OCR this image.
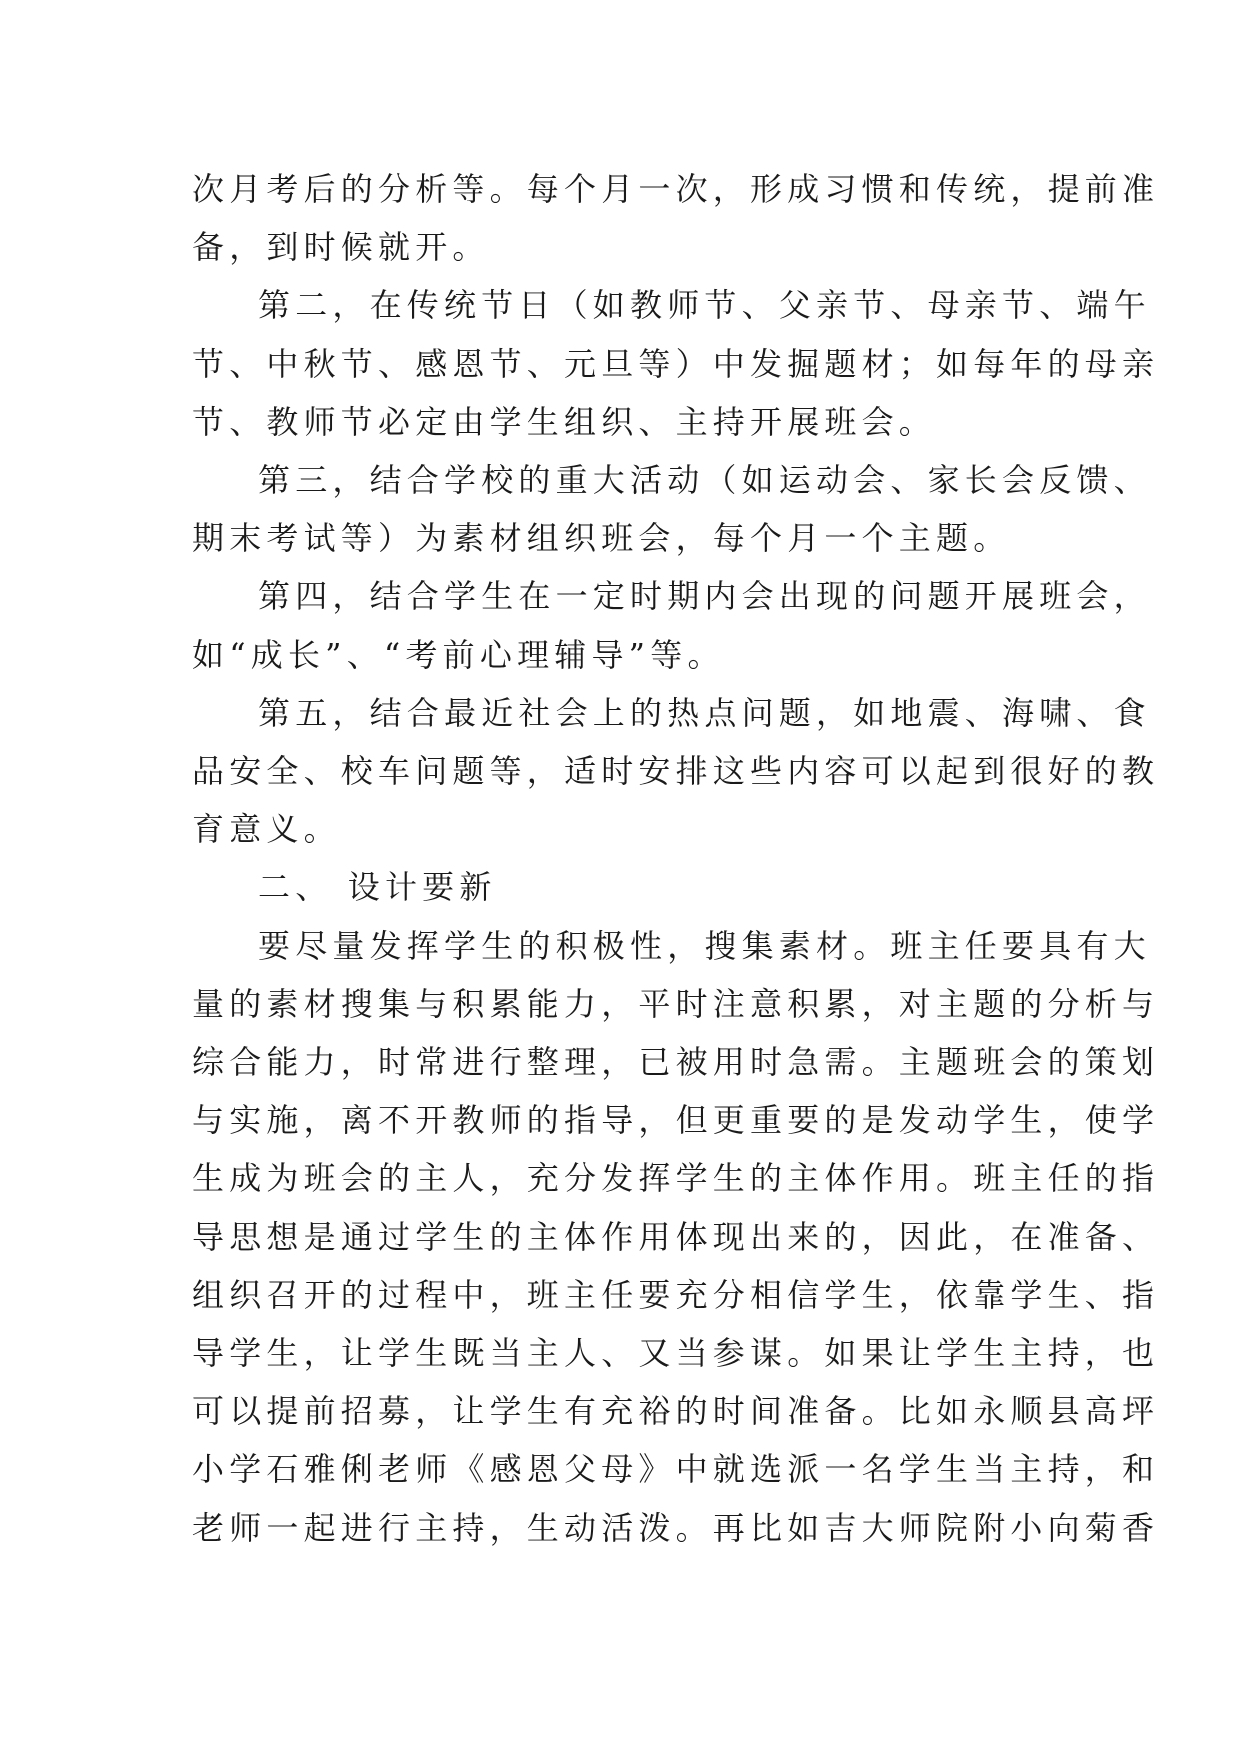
次月考后的分析等。每个月一次，形成习惯和传统，提前准
备，到时候就开。
第二，在传统节日（如教师节、父亲节、母亲节、端午
节、中秋节、感恩节、元旦等）中发掘题材；如每年的母亲
节、教师节必定由学生组织、主持开展班会。
第三，结合学校的重大活动（如运动会、家长会反馈、
期末考试等）为素材组织班会，每个月一个主题。
第四，结合学生在一定时期内会出现的问题开展班会，
如“成长”、“考前心理辅导”等。
第五，结合最近社会上的热点问题，如地震、海啸、食
品安全、校车问题等，适时安排这些内容可以起到很好的教
育意义。
二、 设计要新
要尽量发挥学生的积极性，搜集素材。班主任要具有大
量的素材搜集与积累能力，平时注意积累，对主题的分析与
综合能力，时常进行整理，已被用时急需。主题班会的策划
与实施，离不开教师的指导，但更重要的是发动学生，使学
生成为班会的主人，充分发挥学生的主体作用。班主任的指
导思想是通过学生的主体作用体现出来的，因此，在准备、
组织召开的过程中，班主任要充分相信学生，依靠学生、指
导学生，让学生既当主人、又当参谋。如果让学生主持，也
可以提前招募，让学生有充裕的时间准备。比如永顺县高坪
小学石雅俐老师《感恩父母》中就选派一名学生当主持，和
老师一起进行主持，生动活泼。再比如吉大师院附小向菊香
